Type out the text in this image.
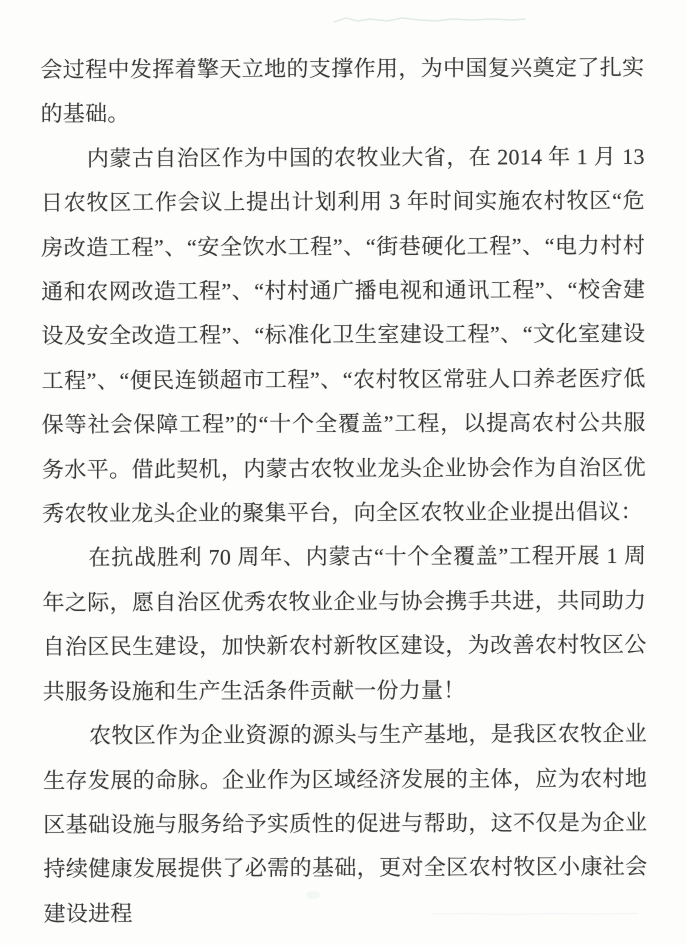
会过程中发挥着擎天立地的支撑作用，为中国复兴奠定了扎实的基础。

内蒙古自治区作为中国的农牧业大省，在 2014 年 1 月 13 日农牧区工作会议上提出计划利用 3 年时间实施农村牧区“危房改造工程”、“安全饮水工程”、“街巷硬化工程”、“电力村村通和农网改造工程”、“村村通广播电视和通讯工程”、“校舍建设及安全改造工程”、“标准化卫生室建设工程”、“文化室建设工程”、“便民连锁超市工程”、“农村牧区常驻人口养老医疗低保等社会保障工程”的“十个全覆盖”工程，以提高农村公共服务水平。借此契机，内蒙古农牧业龙头企业协会作为自治区优秀农牧业龙头企业的聚集平台，向全区农牧业企业提出倡议：

在抗战胜利 70 周年、内蒙古“十个全覆盖”工程开展 1 周年之际，愿自治区优秀农牧业企业与协会携手共进，共同助力自治区民生建设，加快新农村新牧区建设，为改善农村牧区公共服务设施和生产生活条件贡献一份力量！

农牧区作为企业资源的源头与生产基地，是我区农牧企业生存发展的命脉。企业作为区域经济发展的主体，应为农村地区基础设施与服务给予实质性的促进与帮助，这不仅是为企业持续健康发展提供了必需的基础，更对全区农村牧区小康社会建设进程
